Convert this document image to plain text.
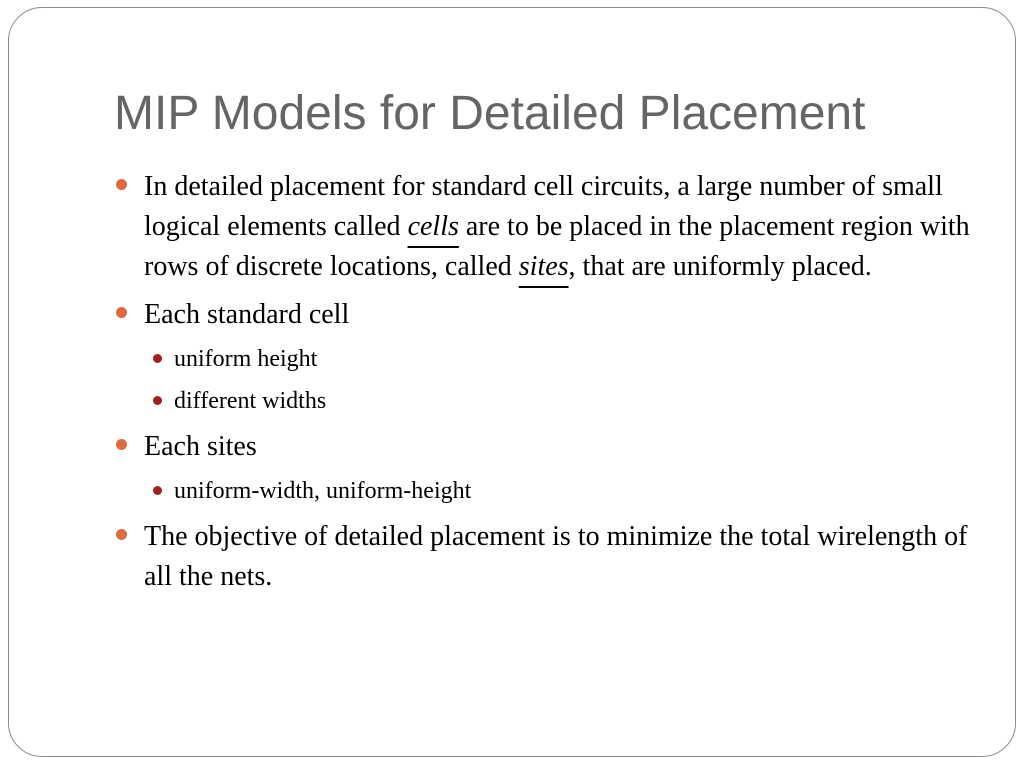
MIP Models for Detailed Placement
In detailed placement for standard cell circuits, a large number of small logical elements called cells are to be placed in the placement region with rows of discrete locations, called sites, that are uniformly placed.
Each standard cell
uniform height
different widths
Each sites
uniform-width, uniform-height
The objective of detailed placement is to minimize the total wirelength of all the nets.
